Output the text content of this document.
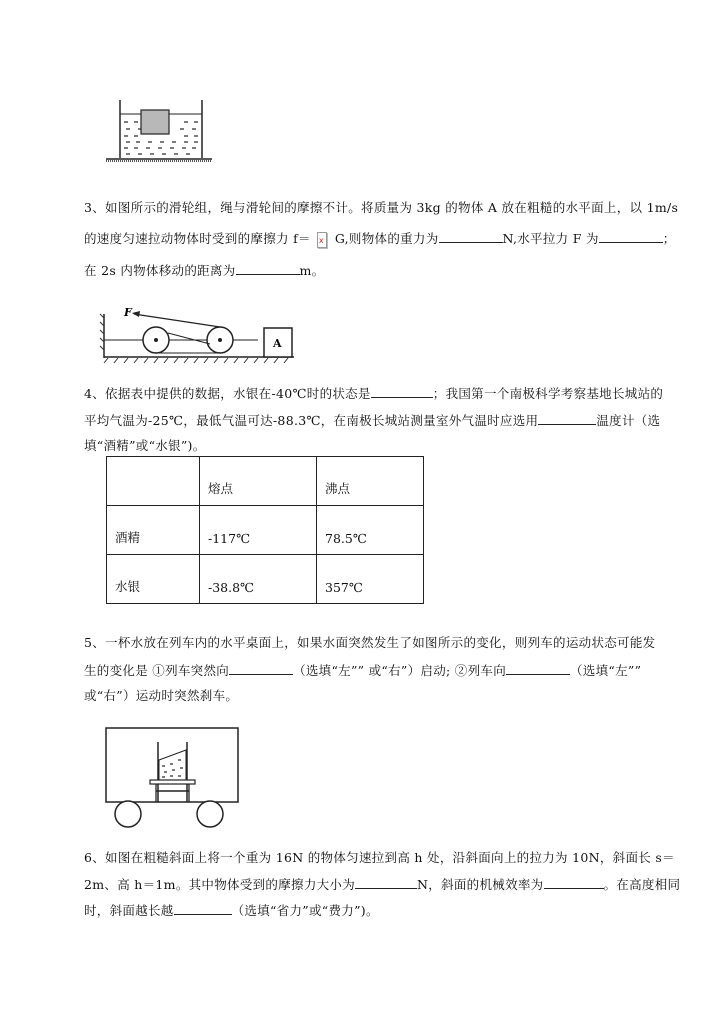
3、如图所示的滑轮组，绳与滑轮间的摩擦不计。将质量为 3kg 的物体 A 放在粗糙的水平面上，以 1m/s
的速度匀速拉动物体时受到的摩擦力 f＝ x G,则物体的重力为	N,水平拉力 F 为	；
在 2s 内物体移动的距离为	m。
F
A
4、依据表中提供的数据，水银在-40℃时的状态是	；我国第一个南极科学考察基地长城站的
平均气温为-25℃，最低气温可达-88.3℃，在南极长城站测量室外气温时应选用	温度计（选
填“酒精”或“水银”)。
	熔点	沸点
酒精	-117℃	78.5℃
水银	-38.8℃	357℃
5、一杯水放在列车内的水平桌面上，如果水面突然发生了如图所示的变化，则列车的运动状态可能发
生的变化是 ①列车突然向	（选填“左”” 或“右”）启动; ②列车向	（选填“左””
或“右”）运动时突然刹车。
6、如图在粗糙斜面上将一个重为 16N 的物体匀速拉到高 h 处，沿斜面向上的拉力为 10N，斜面长 s＝
2m、高 h＝1m。其中物体受到的摩擦力大小为	N，斜面的机械效率为	。在高度相同
时，斜面越长越	（选填“省力”或“费力”)。
